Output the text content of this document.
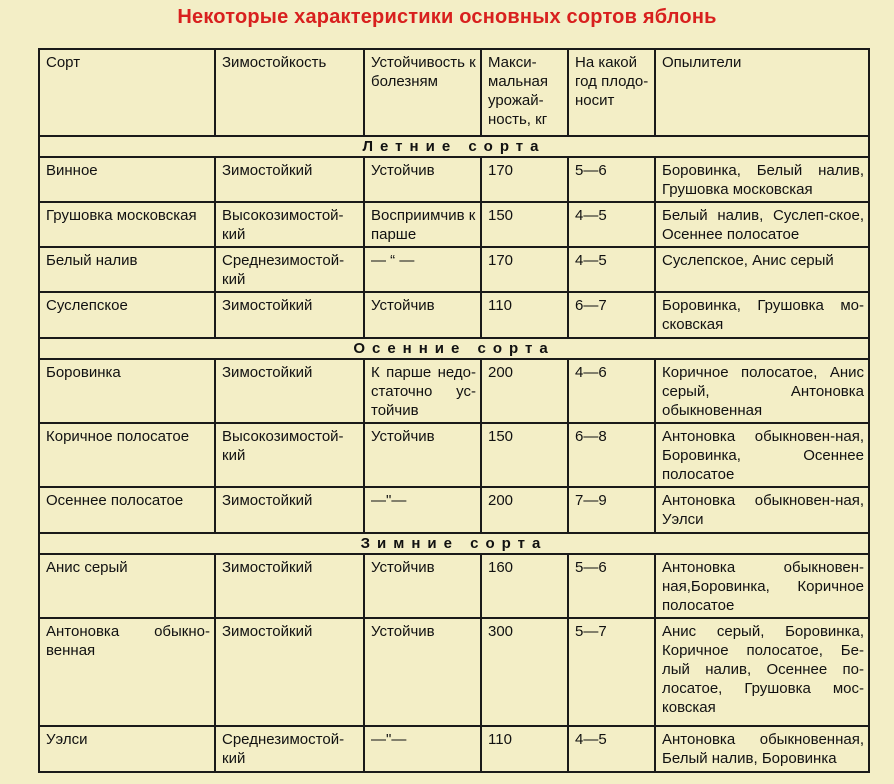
Некоторые характеристики основных сортов яблонь
Сорт	Зимостойкость	Устойчивость к болезням	Макси-мальная урожай-ность, кг	На какой год плодо-носит	Опылители
Летние сорта					
Винное	Зимостойкий	Устойчив	170	5—6	Боровинка, Белый налив, Грушовка московская
Грушовка московская	Высокозимостой-кий	Восприимчив к парше	150	4—5	Белый налив, Суслеп-ское, Осеннее полосатое
Белый налив	Среднезимостой-кий	— “ —	170	4—5	Суслепское, Анис серый
Суслепское	Зимостойкий	Устойчив	110	6—7	Боровинка, Грушовка мо-сковская
Осенние сорта					
Боровинка	Зимостойкий	К парше недо-статочно ус-тойчив	200	4—6	Коричное полосатое, Анис серый, Антоновка обыкновенная
Коричное полосатое	Высокозимостой-кий	Устойчив	150	6—8	Антоновка обыкновен-ная, Боровинка, Осеннее полосатое
Осеннее полосатое	Зимостойкий	—"—	200	7—9	Антоновка обыкновен-ная, Уэлси
Зимние сорта					
Анис серый	Зимостойкий	Устойчив	160	5—6	Антоновка обыкновен-ная,Боровинка, Коричное полосатое
Антоновка обыкно-венная	Зимостойкий	Устойчив	300	5—7	Анис серый, Боровинка, Коричное полосатое, Бе-лый налив, Осеннее по-лосатое, Грушовка мос-ковская
Уэлси	Среднезимостой-кий	—"—	110	4—5	Антоновка обыкновенная, Белый налив, Боровинка
